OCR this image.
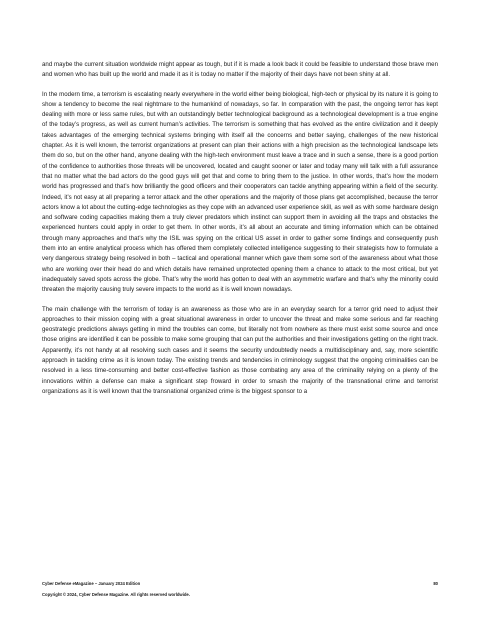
and maybe the current situation worldwide might appear as tough, but if it is made a look back it could be feasible to understand those brave men and women who has built up the world and made it as it is today no matter if the majority of their days have not been shiny at all.

In the modern time, a terrorism is escalating nearly everywhere in the world either being biological, high-tech or physical by its nature it is going to show a tendency to become the real nightmare to the humankind of nowadays, so far. In comparation with the past, the ongoing terror has kept dealing with more or less same rules, but with an outstandingly better technological background as a technological development is a true engine of the today’s progress, as well as current human’s activities. The terrorism is something that has evolved as the entire civilization and it deeply takes advantages of the emerging technical systems bringing with itself all the concerns and better saying, challenges of the new historical chapter. As it is well known, the terrorist organizations at present can plan their actions with a high precision as the technological landscape lets them do so, but on the other hand, anyone dealing with the high-tech environment must leave a trace and in such a sense, there is a good portion of the confidence to authorities those threats will be uncovered, located and caught sooner or later and today many will talk with a full assurance that no matter what the bad actors do the good guys will get that and come to bring them to the justice. In other words, that’s how the modern world has progressed and that’s how brilliantly the good officers and their cooperators can tackle anything appearing within a field of the security. Indeed, it’s not easy at all preparing a terror attack and the other operations and the majority of those plans get accomplished, because the terror actors know a lot about the cutting-edge technologies as they cope with an advanced user experience skill, as well as with some hardware design and software coding capacities making them a truly clever predators which instinct can support them in avoiding all the traps and obstacles the experienced hunters could apply in order to get them. In other words, it’s all about an accurate and timing information which can be obtained through many approaches and that’s why the ISIL was spying on the critical US asset in order to gather some findings and consequently push them into an entire analytical process which has offered them completely collected intelligence suggesting to their strategists how to formulate a very dangerous strategy being resolved in both – tactical and operational manner which gave them some sort of the awareness about what those who are working over their head do and which details have remained unprotected opening them a chance to attack to the most critical, but yet inadequately saved spots across the globe. That’s why the world has gotten to deal with an asymmetric warfare and that’s why the minority could threaten the majority causing truly severe impacts to the world as it is well known nowadays.

The main challenge with the terrorism of today is an awareness as those who are in an everyday search for a terror grid need to adjust their approaches to their mission coping with a great situational awareness in order to uncover the threat and make some serious and far reaching geostrategic predictions always getting in mind the troubles can come, but literally not from nowhere as there must exist some source and once those origins are identified it can be possible to make some grouping that can put the authorities and their investigations getting on the right track. Apparently, it’s not handy at all resolving such cases and it seems the security undoubtedly needs a multidisciplinary and, say, more scientific approach in tackling crime as it is known today. The existing trends and tendencies in criminology suggest that the ongoing criminalities can be resolved in a less time-consuming and better cost-effective fashion as those combating any area of the criminality relying on a plenty of the innovations within a defense can make a significant step froward in order to smash the majority of the transnational crime and terrorist organizations as it is well known that the transnational organized crime is the biggest sponsor to a

Cyber Defense eMagazine – January 2024 Edition	80
Copyright © 2024, Cyber Defense Magazine. All rights reserved worldwide.
